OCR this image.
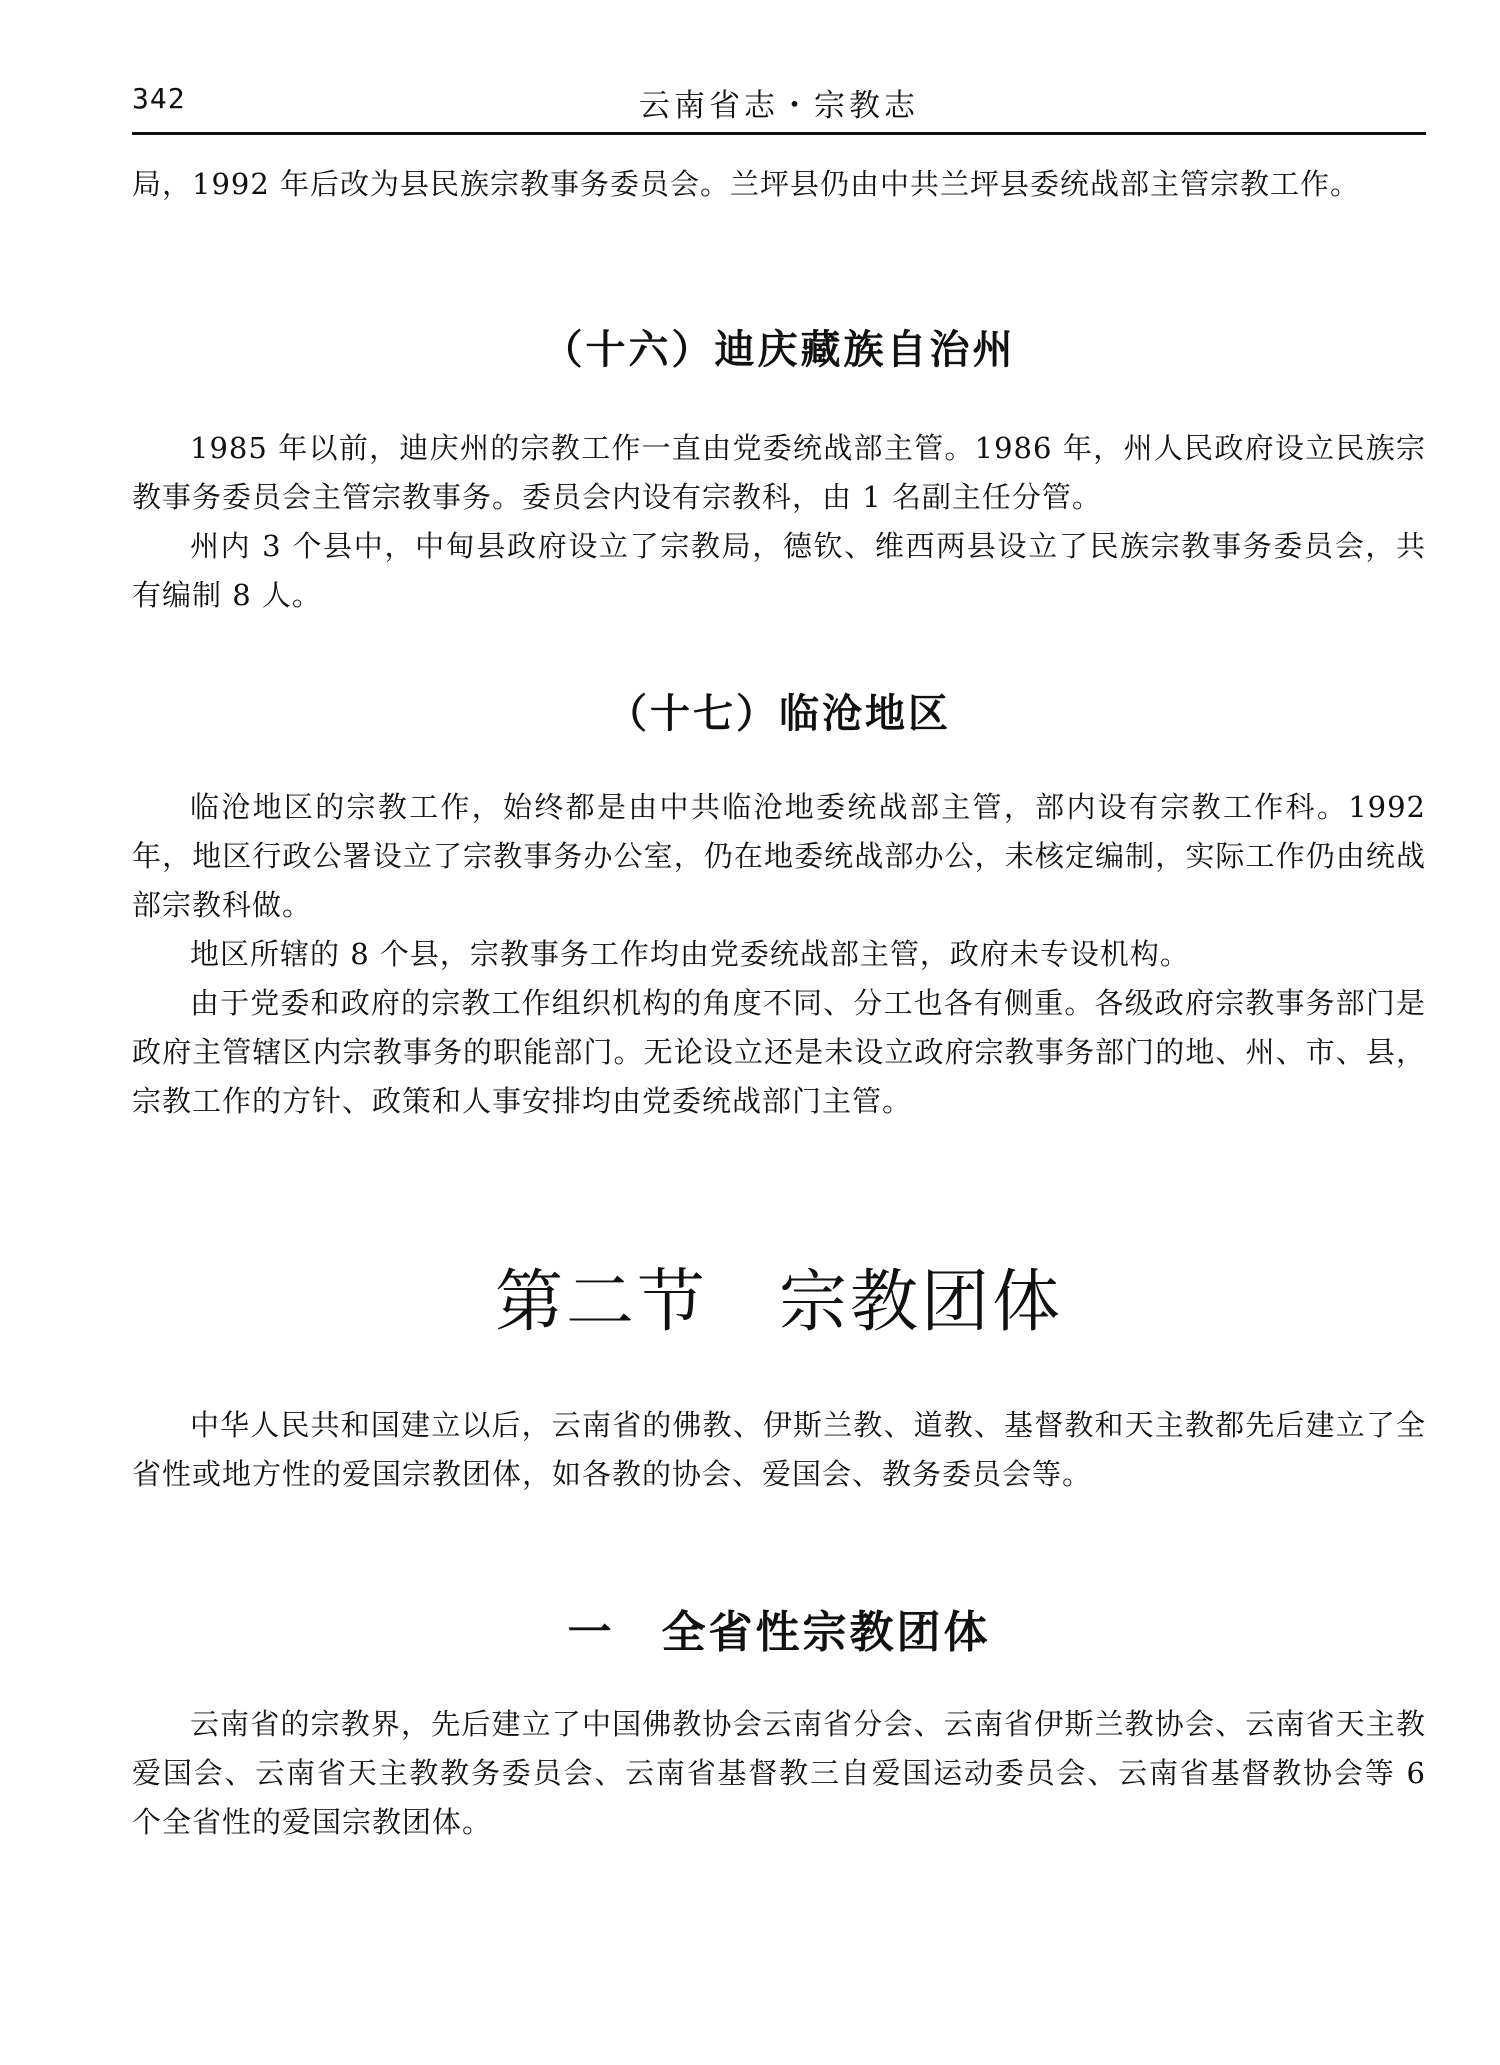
342	云南省志・宗教志

局，1992 年后改为县民族宗教事务委员会。兰坪县仍由中共兰坪县委统战部主管宗教工作。

（十六）迪庆藏族自治州

1985 年以前，迪庆州的宗教工作一直由党委统战部主管。1986 年，州人民政府设立民族宗教事务委员会主管宗教事务。委员会内设有宗教科，由 1 名副主任分管。

州内 3 个县中，中甸县政府设立了宗教局，德钦、维西两县设立了民族宗教事务委员会，共有编制 8 人。

（十七）临沧地区

临沧地区的宗教工作，始终都是由中共临沧地委统战部主管，部内设有宗教工作科。1992 年，地区行政公署设立了宗教事务办公室，仍在地委统战部办公，未核定编制，实际工作仍由统战部宗教科做。

地区所辖的 8 个县，宗教事务工作均由党委统战部主管，政府未专设机构。

由于党委和政府的宗教工作组织机构的角度不同、分工也各有侧重。各级政府宗教事务部门是政府主管辖区内宗教事务的职能部门。无论设立还是未设立政府宗教事务部门的地、州、市、县，宗教工作的方针、政策和人事安排均由党委统战部门主管。

第二节　宗教团体

中华人民共和国建立以后，云南省的佛教、伊斯兰教、道教、基督教和天主教都先后建立了全省性或地方性的爱国宗教团体，如各教的协会、爱国会、教务委员会等。

一　全省性宗教团体

云南省的宗教界，先后建立了中国佛教协会云南省分会、云南省伊斯兰教协会、云南省天主教爱国会、云南省天主教教务委员会、云南省基督教三自爱国运动委员会、云南省基督教协会等 6 个全省性的爱国宗教团体。
